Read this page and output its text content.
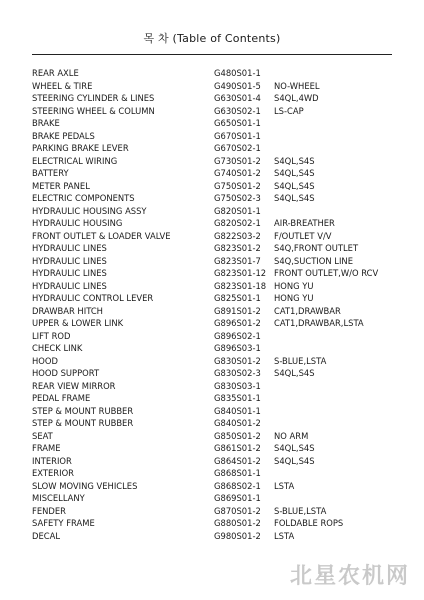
목 차 (Table of Contents)
REAR AXLE	G480S01-1
WHEEL & TIRE	G490S01-5 NO-WHEEL
STEERING CYLINDER & LINES	G630S01-4 S4QL,4WD
STEERING WHEEL & COLUMN	G630S02-1 LS-CAP
BRAKE	G650S01-1
BRAKE PEDALS	G670S01-1
PARKING BRAKE LEVER	G670S02-1
ELECTRICAL WIRING	G730S01-2 S4QL,S4S
BATTERY	G740S01-2 S4QL,S4S
METER PANEL	G750S01-2 S4QL,S4S
ELECTRIC COMPONENTS	G750S02-3 S4QL,S4S
HYDRAULIC HOUSING ASSY	G820S01-1
HYDRAULIC HOUSING	G820S02-1 AIR-BREATHER
FRONT OUTLET & LOADER VALVE	G822S03-2 F/OUTLET V/V
HYDRAULIC LINES	G823S01-2 S4Q,FRONT OUTLET
HYDRAULIC LINES	G823S01-7 S4Q,SUCTION LINE
HYDRAULIC LINES	G823S01-12 FRONT OUTLET,W/O RCV
HYDRAULIC LINES	G823S01-18 HONG YU
HYDRAULIC CONTROL LEVER	G825S01-1 HONG YU
DRAWBAR HITCH	G891S01-2 CAT1,DRAWBAR
UPPER & LOWER LINK	G896S01-2 CAT1,DRAWBAR,LSTA
LIFT ROD	G896S02-1
CHECK LINK	G896S03-1
HOOD	G830S01-2 S-BLUE,LSTA
HOOD SUPPORT	G830S02-3 S4QL,S4S
REAR VIEW MIRROR	G830S03-1
PEDAL FRAME	G835S01-1
STEP & MOUNT RUBBER	G840S01-1
STEP & MOUNT RUBBER	G840S01-2
SEAT	G850S01-2 NO ARM
FRAME	G861S01-2 S4QL,S4S
INTERIOR	G864S01-2 S4QL,S4S
EXTERIOR	G868S01-1
SLOW MOVING VEHICLES	G868S02-1 LSTA
MISCELLANY	G869S01-1
FENDER	G870S01-2 S-BLUE,LSTA
SAFETY FRAME	G880S01-2 FOLDABLE ROPS
DECAL	G980S01-2 LSTA
北星农机网
